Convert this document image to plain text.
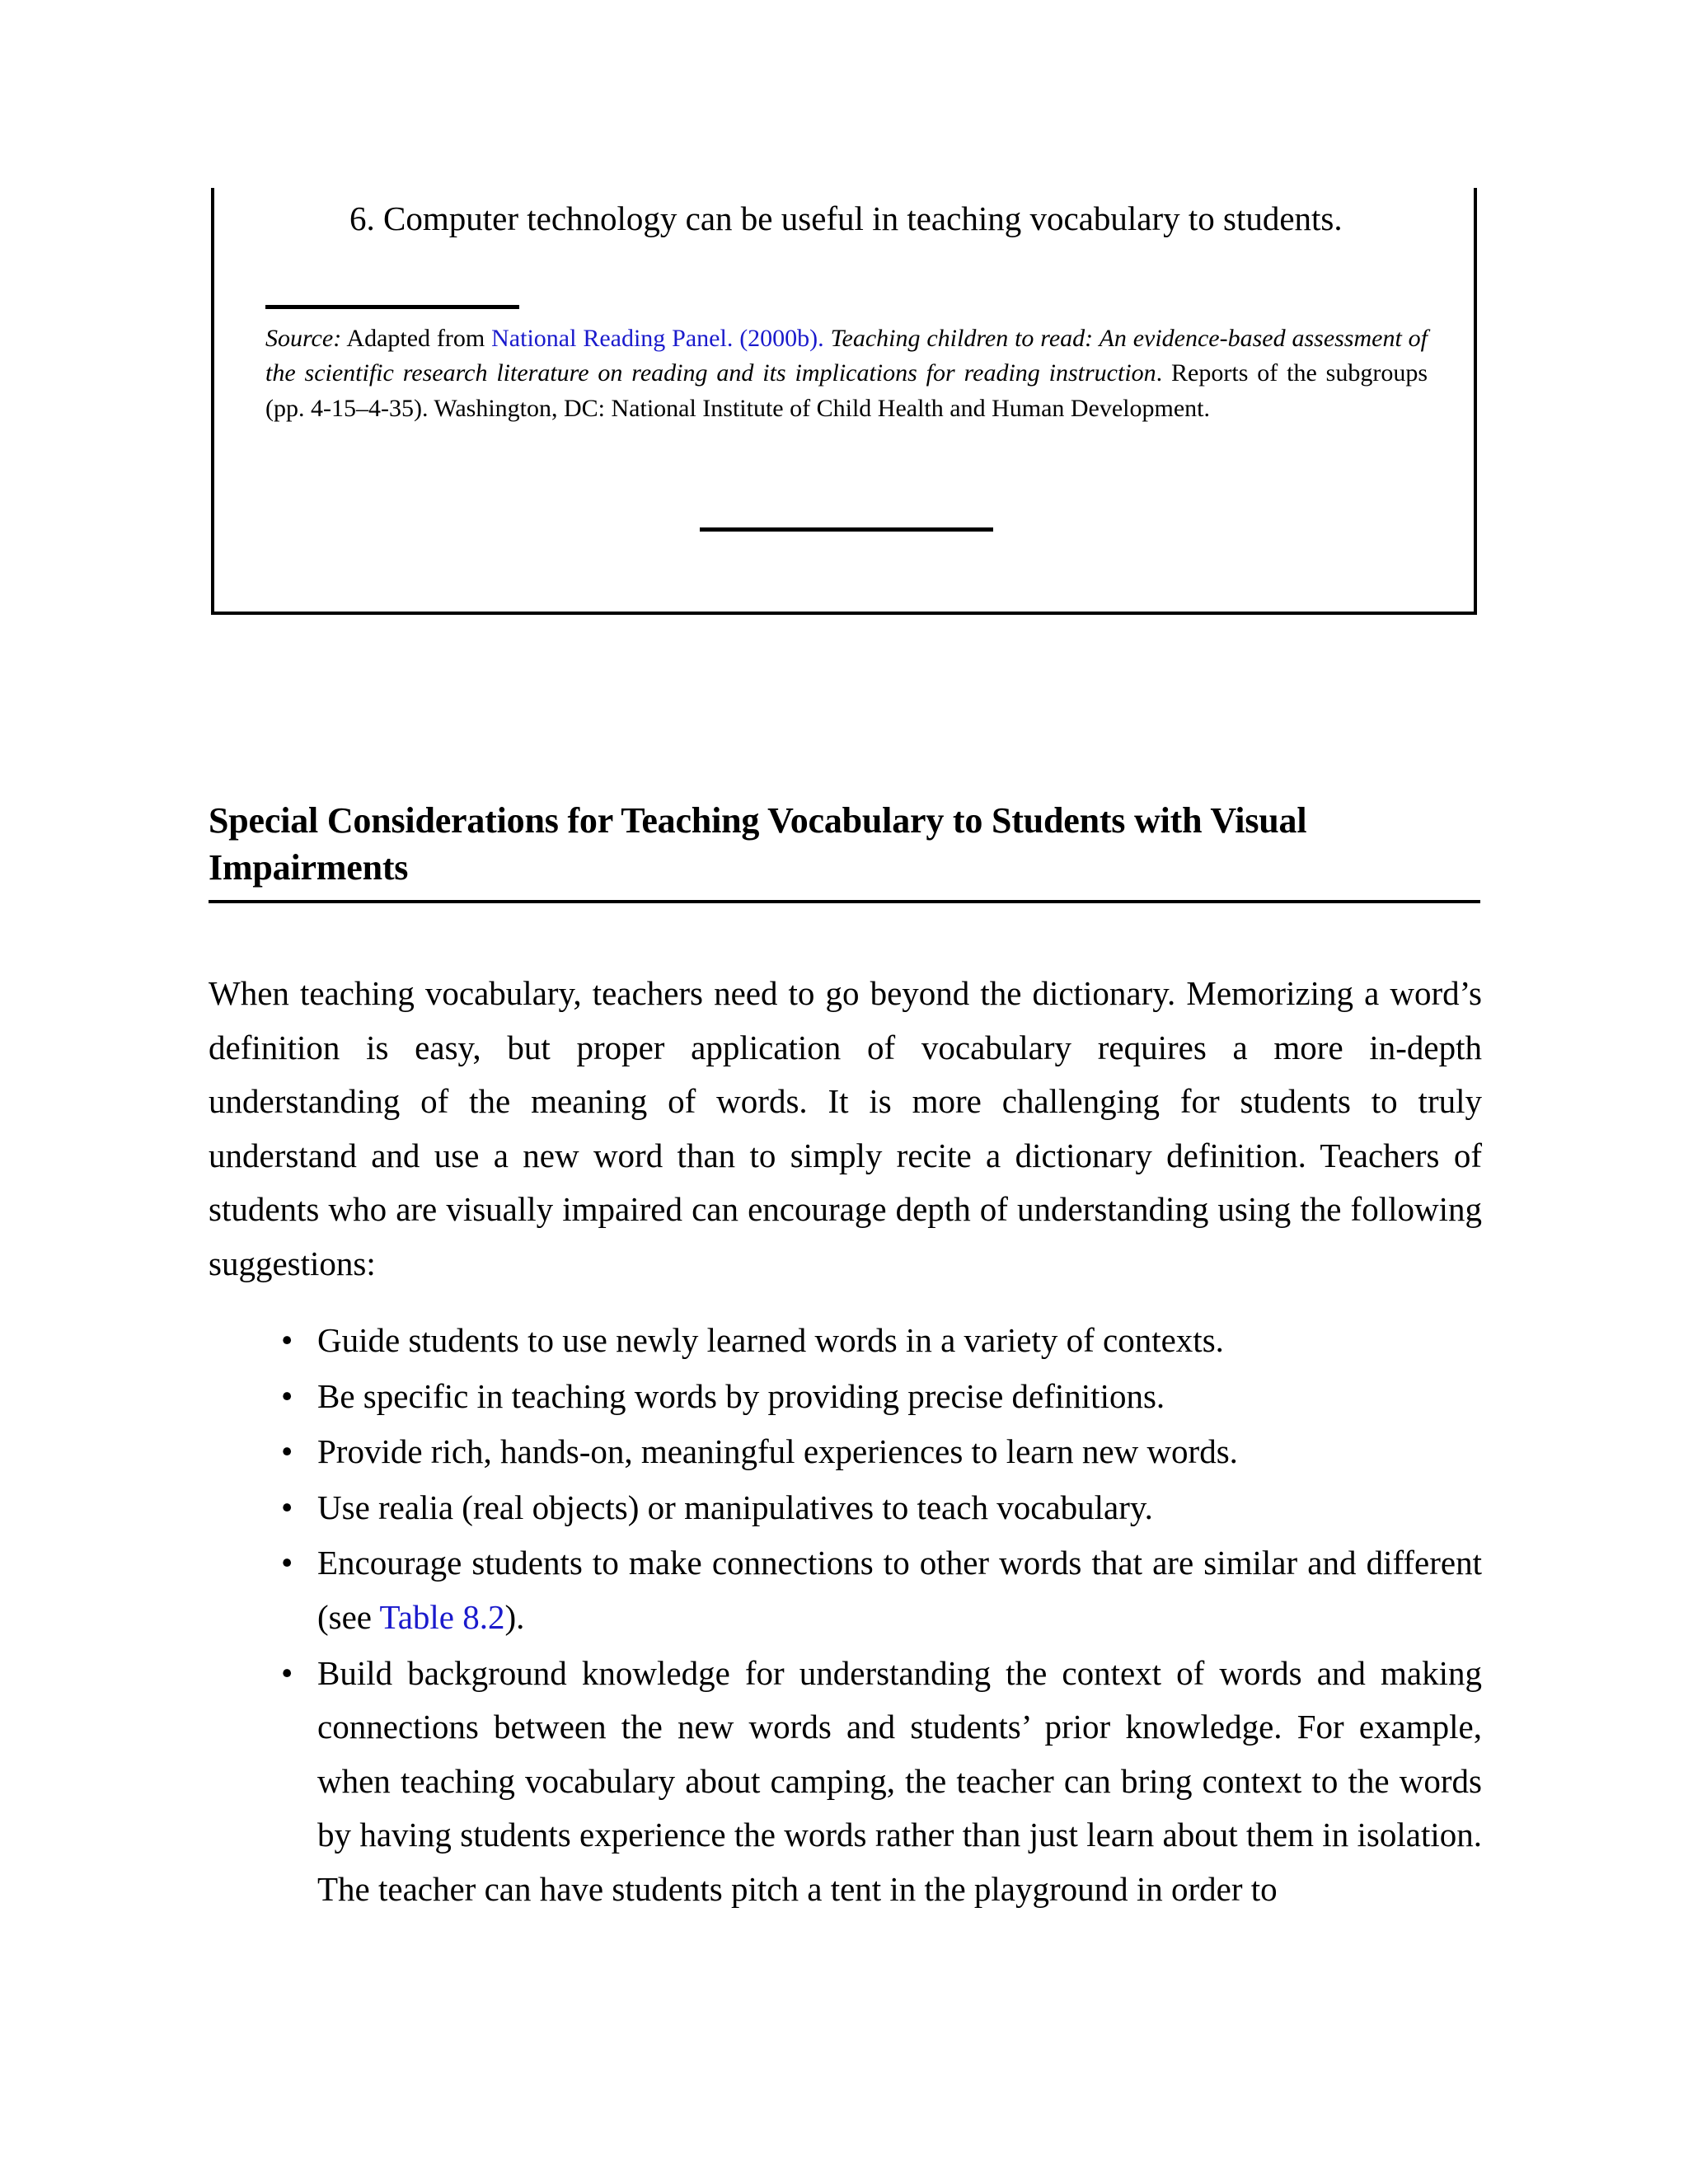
6. Computer technology can be useful in teaching vocabulary to students.
Source: Adapted from National Reading Panel. (2000b). Teaching children to read: An evidence-based assessment of the scientific research literature on reading and its implications for reading instruction. Reports of the subgroups (pp. 4-15–4-35). Washington, DC: National Institute of Child Health and Human Development.
Special Considerations for Teaching Vocabulary to Students with Visual Impairments

When teaching vocabulary, teachers need to go beyond the dictionary. Memorizing a word’s definition is easy, but proper application of vocabulary requires a more in-depth understanding of the meaning of words. It is more challenging for students to truly understand and use a new word than to simply recite a dictionary definition. Teachers of students who are visually impaired can encourage depth of understanding using the following suggestions:

• Guide students to use newly learned words in a variety of contexts.
• Be specific in teaching words by providing precise definitions.
• Provide rich, hands-on, meaningful experiences to learn new words.
• Use realia (real objects) or manipulatives to teach vocabulary.
• Encourage students to make connections to other words that are similar and different (see Table 8.2).
• Build background knowledge for understanding the context of words and making connections between the new words and students’ prior knowledge. For example, when teaching vocabulary about camping, the teacher can bring context to the words by having students experience the words rather than just learn about them in isolation. The teacher can have students pitch a tent in the playground in order to
